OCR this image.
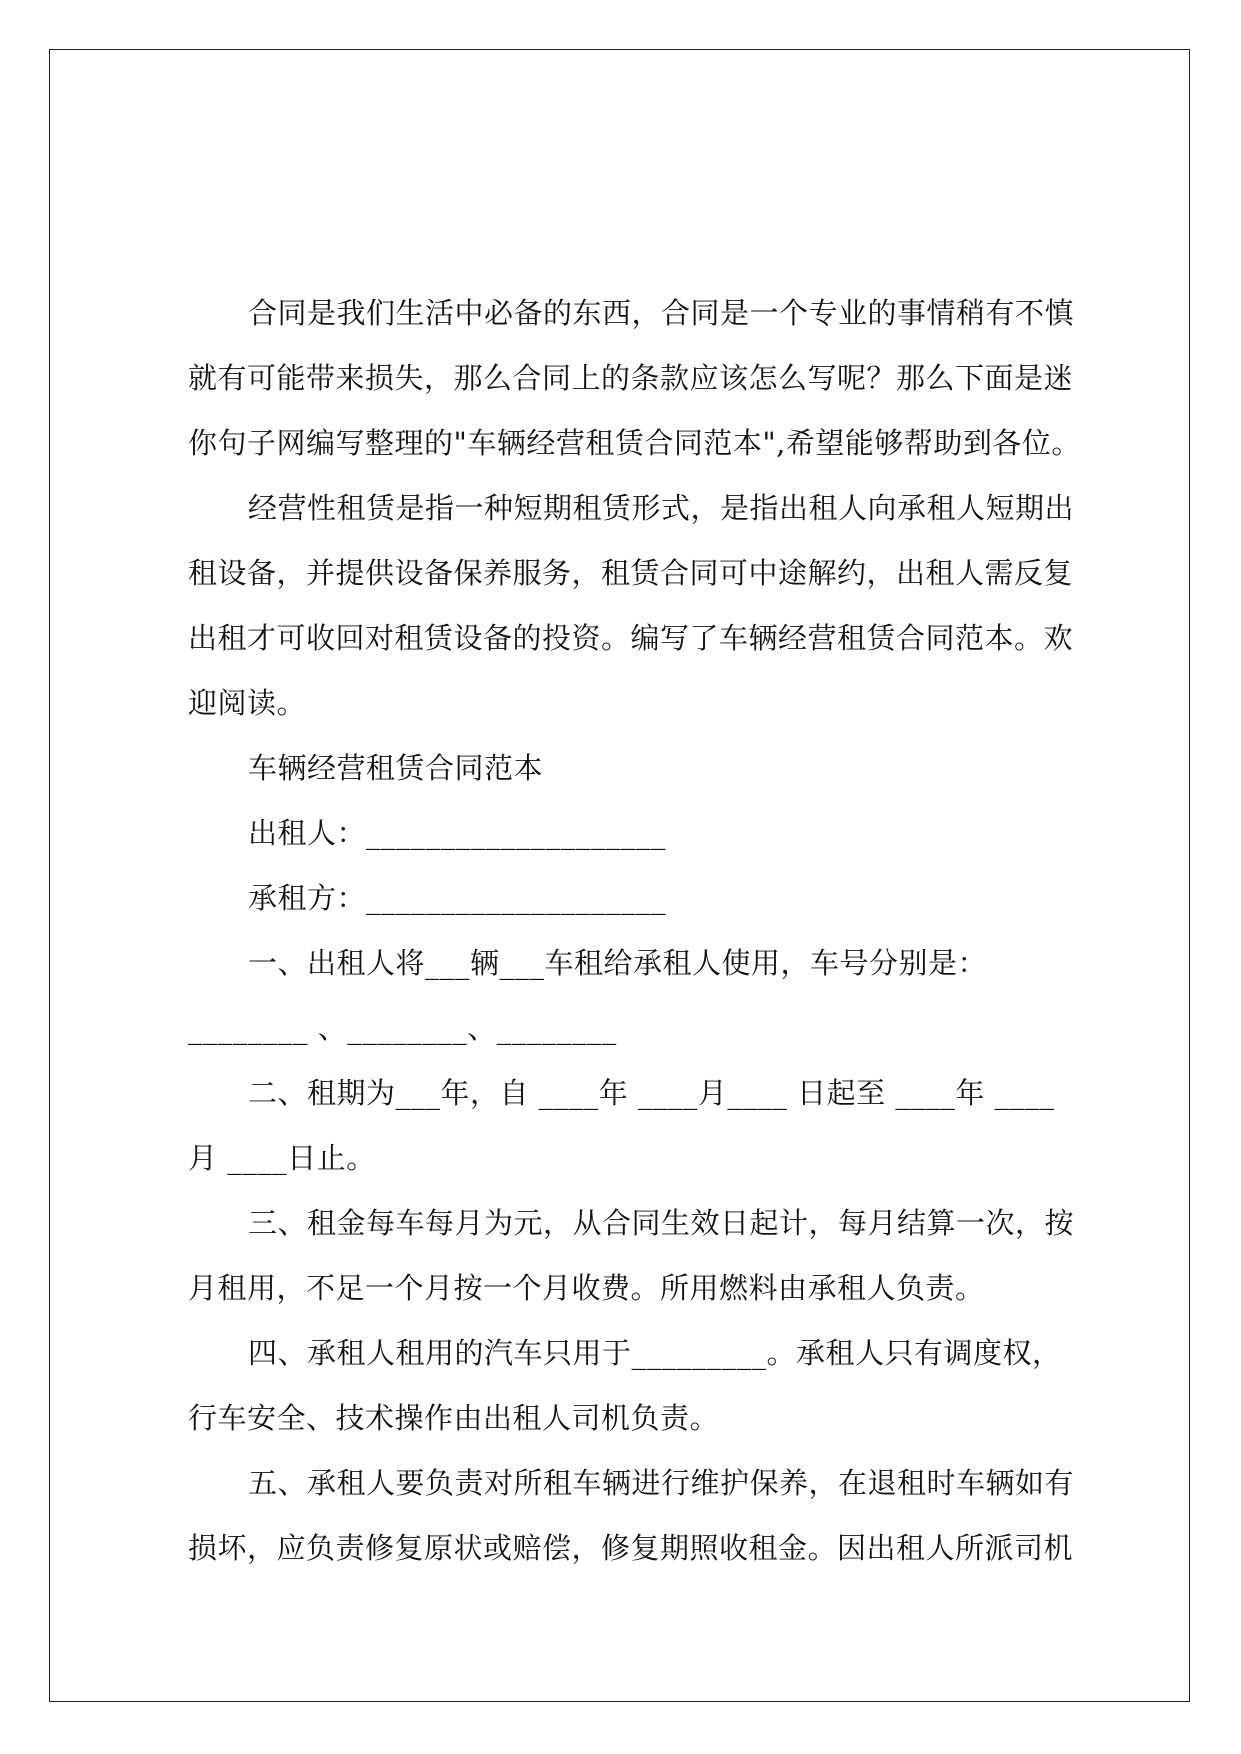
合同是我们生活中必备的东西，合同是一个专业的事情稍有不慎
就有可能带来损失，那么合同上的条款应该怎么写呢？那么下面是迷
你句子网编写整理的"车辆经营租赁合同范本",希望能够帮助到各位。
经营性租赁是指一种短期租赁形式，是指出租人向承租人短期出
租设备，并提供设备保养服务，租赁合同可中途解约，出租人需反复
出租才可收回对租赁设备的投资。编写了车辆经营租赁合同范本。欢
迎阅读。
车辆经营租赁合同范本
出租人：____________________
承租方：____________________
一、出租人将___辆___车租给承租人使用，车号分别是：
________ 、________、________
二、租期为___年，自 ____年 ____月____ 日起至 ____年 ____
月 ____日止。
三、租金每车每月为元，从合同生效日起计，每月结算一次，按
月租用，不足一个月按一个月收费。所用燃料由承租人负责。
四、承租人租用的汽车只用于_________。承租人只有调度权，
行车安全、技术操作由出租人司机负责。
五、承租人要负责对所租车辆进行维护保养，在退租时车辆如有
损坏，应负责修复原状或赔偿，修复期照收租金。因出租人所派司机
